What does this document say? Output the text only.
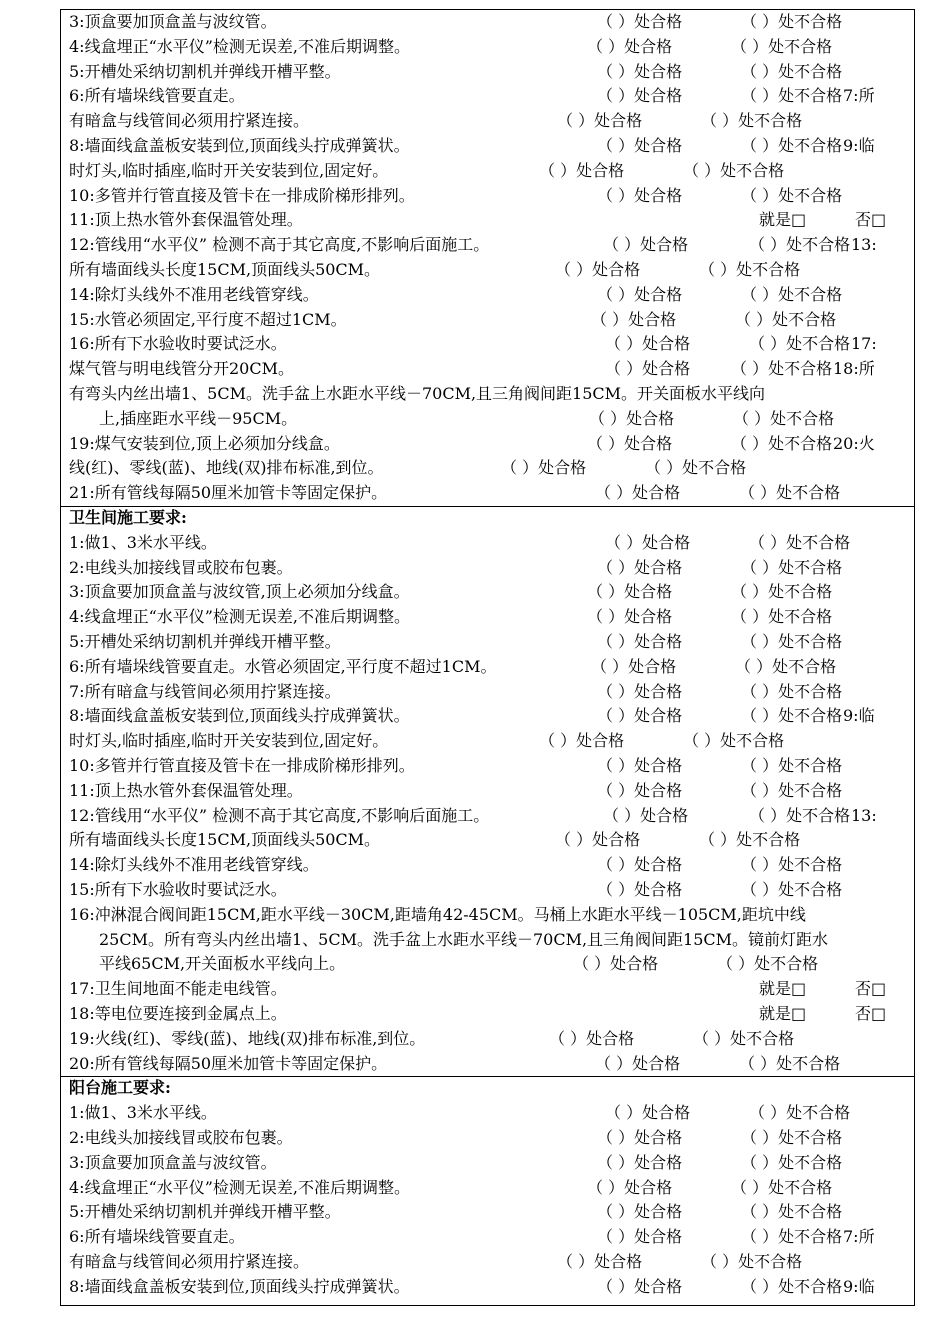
3:顶盒要加顶盒盖与波纹管。	（ ）处合格	（ ）处不合格
4:线盒埋正“水平仪”检测无误差,不准后期调整。	（ ）处合格	（ ）处不合格
5:开槽处采纳切割机并弹线开槽平整。	（ ）处合格	（ ）处不合格
6:所有墙垛线管要直走。	（ ）处合格	（ ）处不合格 7:所
有暗盒与线管间必须用拧紧连接。	（ ）处合格	（ ）处不合格
8:墙面线盒盖板安装到位,顶面线头拧成弹簧状。	（ ）处合格	（ ）处不合格 9:临
时灯头,临时插座,临时开关安装到位,固定好。	（ ）处合格	（ ）处不合格
10:多管并行管直接及管卡在一排成阶梯形排列。	（ ）处合格	（ ）处不合格
11:顶上热水管外套保温管处理。	就是□	否□
12:管线用“水平仪” 检测不高于其它高度,不影响后面施工。	（ ）处合格	（ ）处不合格 13:
所有墙面线头长度15CM,顶面线头50CM。	（ ）处合格	（ ）处不合格
14:除灯头线外不准用老线管穿线。	（ ）处合格	（ ）处不合格
15:水管必须固定,平行度不超过1CM。	（ ）处合格	（ ）处不合格
16:所有下水验收时要试泛水。	（ ）处合格	（ ）处不合格 17:
煤气管与明电线管分开20CM。	（ ）处合格	（ ）处不合格 18:所
有弯头内丝出墙1、5CM。洗手盆上水距水平线－70CM,且三角阀间距15CM。开关面板水平线向
上,插座距水平线－95CM。	（ ）处合格	（ ）处不合格
19:煤气安装到位,顶上必须加分线盒。	（ ）处合格	（ ）处不合格 20:火
线(红)、零线(蓝)、地线(双)排布标准,到位。	（ ）处合格	（ ）处不合格
21:所有管线每隔50厘米加管卡等固定保护。	（ ）处合格	（ ）处不合格
卫生间施工要求:
1:做1、3米水平线。	（ ）处合格	（ ）处不合格
2:电线头加接线冒或胶布包裹。	（ ）处合格	（ ）处不合格
3:顶盒要加顶盒盖与波纹管,顶上必须加分线盒。	（ ）处合格	（ ）处不合格
4:线盒埋正“水平仪”检测无误差,不准后期调整。	（ ）处合格	（ ）处不合格
5:开槽处采纳切割机并弹线开槽平整。	（ ）处合格	（ ）处不合格
6:所有墙垛线管要直走。水管必须固定,平行度不超过1CM。	（ ）处合格	（ ）处不合格
7:所有暗盒与线管间必须用拧紧连接。	（ ）处合格	（ ）处不合格
8:墙面线盒盖板安装到位,顶面线头拧成弹簧状。	（ ）处合格	（ ）处不合格 9:临
时灯头,临时插座,临时开关安装到位,固定好。	（ ）处合格	（ ）处不合格
10:多管并行管直接及管卡在一排成阶梯形排列。	（ ）处合格	（ ）处不合格
11:顶上热水管外套保温管处理。	（ ）处合格	（ ）处不合格
12:管线用“水平仪” 检测不高于其它高度,不影响后面施工。	（ ）处合格	（ ）处不合格 13:
所有墙面线头长度15CM,顶面线头50CM。	（ ）处合格	（ ）处不合格
14:除灯头线外不准用老线管穿线。	（ ）处合格	（ ）处不合格
15:所有下水验收时要试泛水。	（ ）处合格	（ ）处不合格
16:冲淋混合阀间距15CM,距水平线－30CM,距墙角42-45CM。马桶上水距水平线－105CM,距坑中线
25CM。所有弯头内丝出墙1、5CM。洗手盆上水距水平线－70CM,且三角阀间距15CM。镜前灯距水
平线65CM,开关面板水平线向上。	（ ）处合格	（ ）处不合格
17:卫生间地面不能走电线管。	就是□	否□
18:等电位要连接到金属点上。	就是□	否□
19:火线(红)、零线(蓝)、地线(双)排布标准,到位。	（ ）处合格	（ ）处不合格
20:所有管线每隔50厘米加管卡等固定保护。	（ ）处合格	（ ）处不合格
阳台施工要求:
1:做1、3米水平线。	（ ）处合格	（ ）处不合格
2:电线头加接线冒或胶布包裹。	（ ）处合格	（ ）处不合格
3:顶盒要加顶盒盖与波纹管。	（ ）处合格	（ ）处不合格
4:线盒埋正“水平仪”检测无误差,不准后期调整。	（ ）处合格	（ ）处不合格
5:开槽处采纳切割机并弹线开槽平整。	（ ）处合格	（ ）处不合格
6:所有墙垛线管要直走。	（ ）处合格	（ ）处不合格 7:所
有暗盒与线管间必须用拧紧连接。	（ ）处合格	（ ）处不合格
8:墙面线盒盖板安装到位,顶面线头拧成弹簧状。	（ ）处合格	（ ）处不合格 9:临
